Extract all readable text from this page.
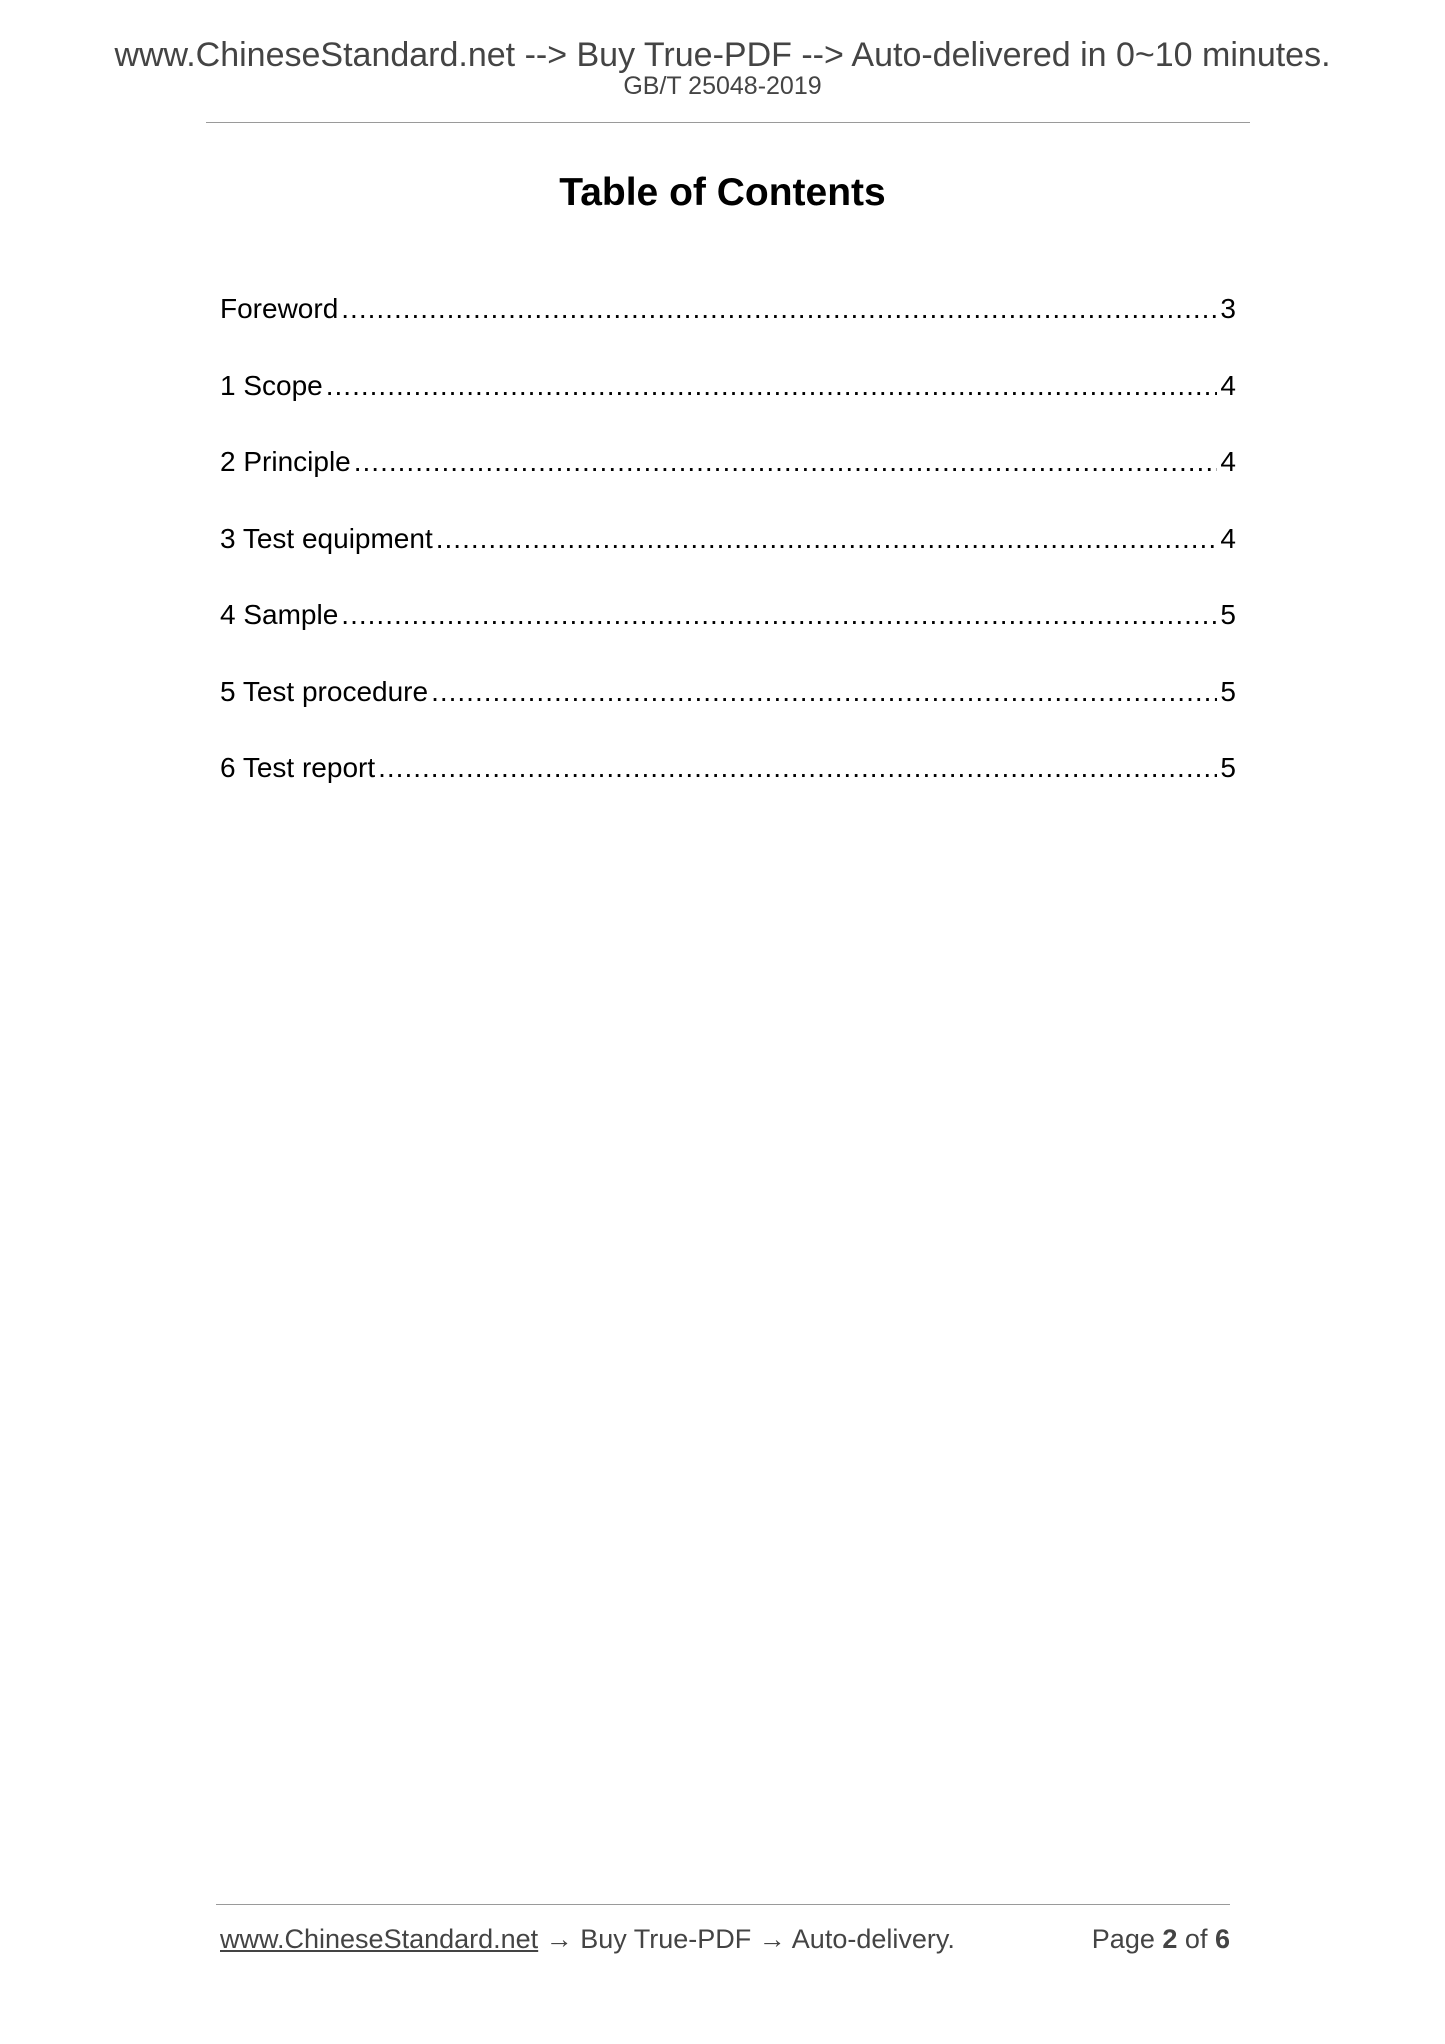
www.ChineseStandard.net --> Buy True-PDF --> Auto-delivered in 0~10 minutes.
GB/T 25048-2019
Table of Contents
Foreword .....	3
1 Scope .....	4
2 Principle .....	4
3 Test equipment .....	4
4 Sample .....	5
5 Test procedure .....	5
6 Test report .....	5
www.ChineseStandard.net → Buy True-PDF → Auto-delivery.	Page 2 of 6
